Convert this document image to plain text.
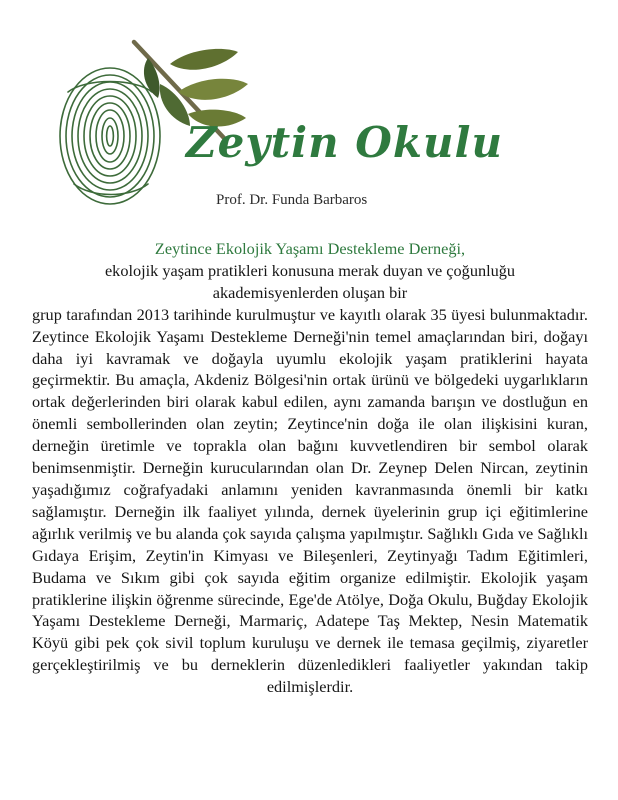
Zeytin Okulu
Prof. Dr. Funda Barbaros

Zeytince Ekolojik Yaşamı Destekleme Derneği,
ekolojik yaşam pratikleri konusuna merak duyan ve çoğunluğu
akademisyenlerden oluşan bir

grup tarafından 2013 tarihinde kurulmuştur ve kayıtlı olarak 35 üyesi bulunmaktadır. Zeytince Ekolojik Yaşamı Destekleme Derneği'nin temel amaçlarından biri, doğayı daha iyi kavramak ve doğayla uyumlu ekolojik yaşam pratiklerini hayata geçirmektir. Bu amaçla, Akdeniz Bölgesi'nin ortak ürünü ve bölgedeki uygarlıkların ortak değerlerinden biri olarak kabul edilen, aynı zamanda barışın ve dostluğun en önemli sembollerinden olan zeytin; Zeytince'nin doğa ile olan ilişkisini kuran, derneğin üretimle ve toprakla olan bağını kuvvetlendiren bir sembol olarak benimsenmiştir. Derneğin kurucularından olan Dr. Zeynep Delen Nircan, zeytinin yaşadığımız coğrafyadaki anlamını yeniden kavranmasında önemli bir katkı sağlamıştır. Derneğin ilk faaliyet yılında, dernek üyelerinin grup içi eğitimlerine ağırlık verilmiş ve bu alanda çok sayıda çalışma yapılmıştır. Sağlıklı Gıda ve Sağlıklı Gıdaya Erişim, Zeytin'in Kimyası ve Bileşenleri, Zeytinyağı Tadım Eğitimleri, Budama ve Sıkım gibi çok sayıda eğitim organize edilmiştir. Ekolojik yaşam pratiklerine ilişkin öğrenme sürecinde, Ege'de Atölye, Doğa Okulu, Buğday Ekolojik Yaşamı Destekleme Derneği, Marmariç, Adatepe Taş Mektep, Nesin Matematik Köyü gibi pek çok sivil toplum kuruluşu ve dernek ile temasa geçilmiş, ziyaretler gerçekleştirilmiş ve bu derneklerin düzenledikleri faaliyetler yakından takip edilmişlerdir.
